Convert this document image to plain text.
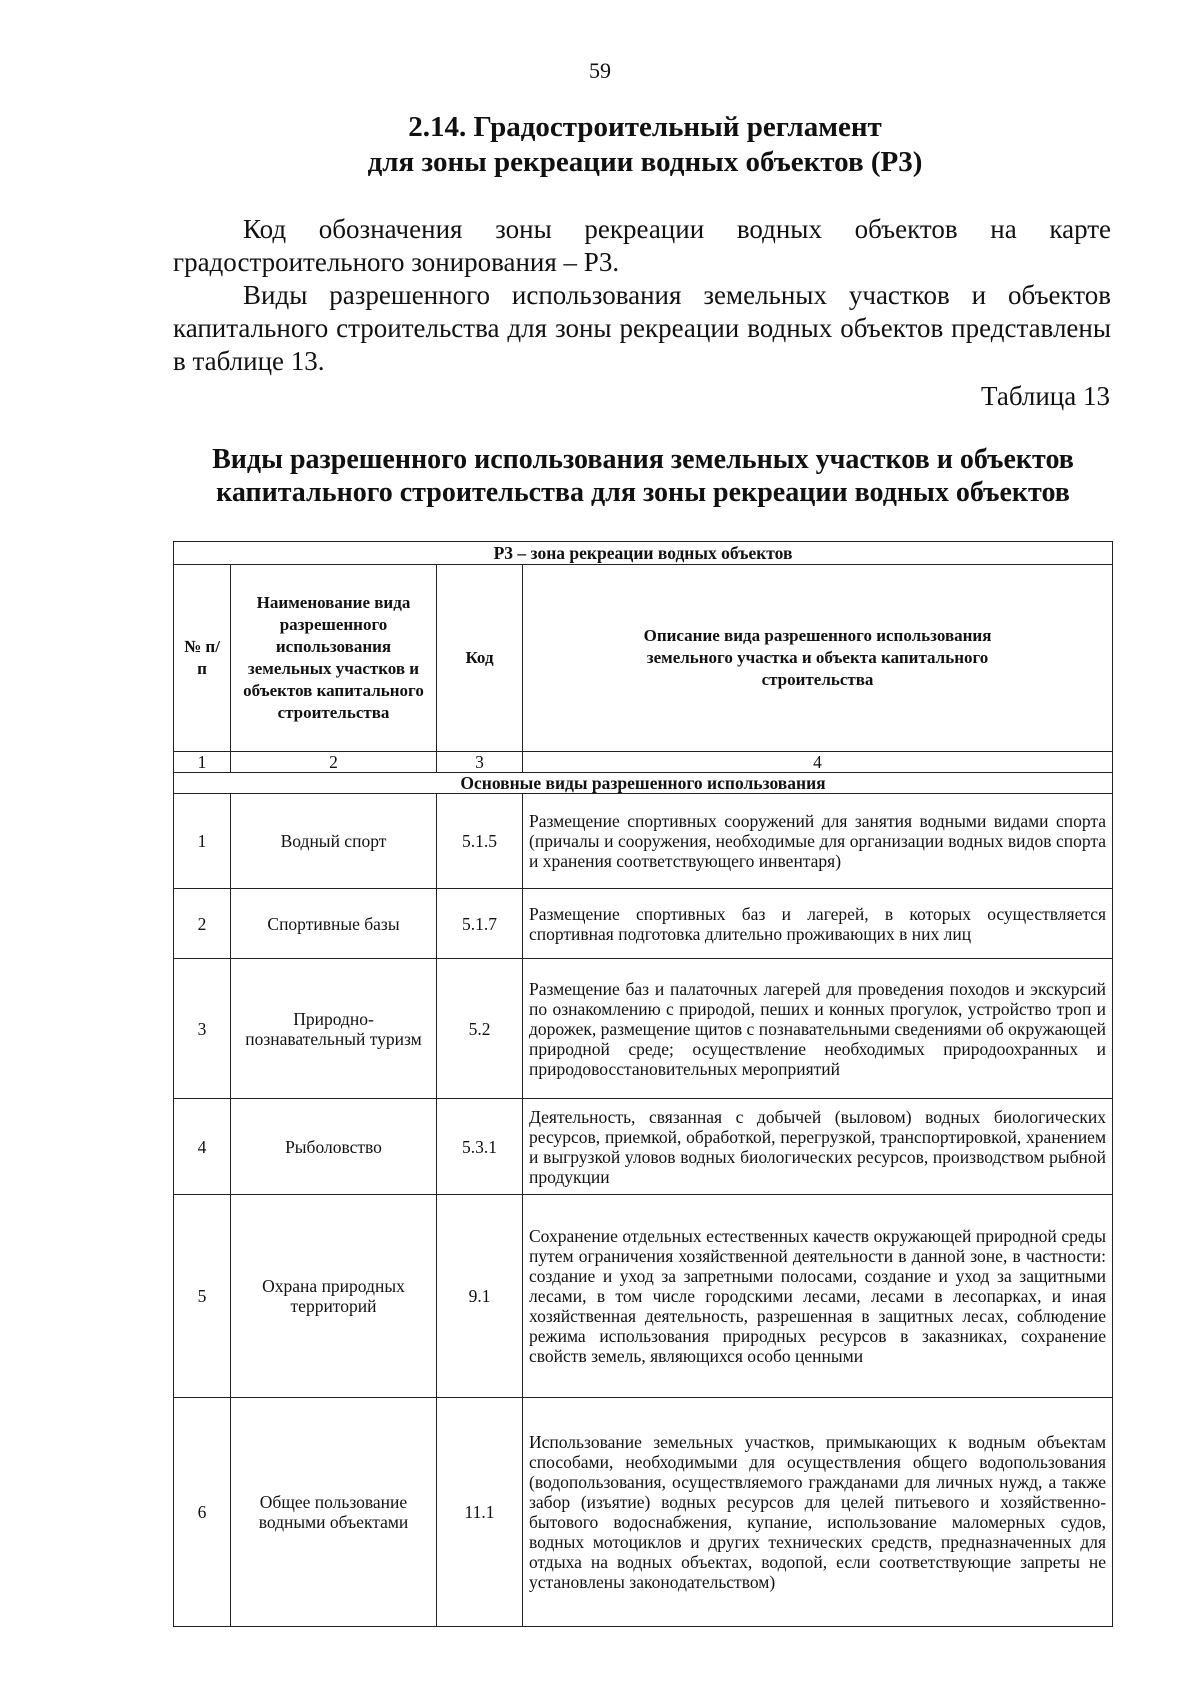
59
2.14. Градостроительный регламент
для зоны рекреации водных объектов (Р3)
Код обозначения зоны рекреации водных объектов на карте градостроительного зонирования – Р3.
Виды разрешенного использования земельных участков и объектов капитального строительства для зоны рекреации водных объектов представлены в таблице 13.
Таблица 13
Виды разрешенного использования земельных участков и объектов
капитального строительства для зоны рекреации водных объектов
Р3 – зона рекреации водных объектов			
№ п/п	Наименование вида разрешенного использования земельных участков и объектов капитального строительства	Код	Описание вида разрешенного использования земельного участка и объекта капитального строительства
1	2	3	4
Основные виды разрешенного использования			
1	Водный спорт	5.1.5	Размещение спортивных сооружений для занятия водными видами спорта (причалы и сооружения, необходимые для организации водных видов спорта и хранения соответствующего инвентаря)
2	Спортивные базы	5.1.7	Размещение спортивных баз и лагерей, в которых осуществляется спортивная подготовка длительно проживающих в них лиц
3	Природно-познавательный туризм	5.2	Размещение баз и палаточных лагерей для проведения походов и экскурсий по ознакомлению с природой, пеших и конных прогулок, устройство троп и дорожек, размещение щитов с познавательными сведениями об окружающей природной среде; осуществление необходимых природоохранных и природовосстановительных мероприятий
4	Рыболовство	5.3.1	Деятельность, связанная с добычей (выловом) водных биологических ресурсов, приемкой, обработкой, перегрузкой, транспортировкой, хранением и выгрузкой уловов водных биологических ресурсов, производством рыбной продукции
5	Охрана природных территорий	9.1	Сохранение отдельных естественных качеств окружающей природной среды путем ограничения хозяйственной деятельности в данной зоне, в частности: создание и уход за запретными полосами, создание и уход за защитными лесами, в том числе городскими лесами, лесами в лесопарках, и иная хозяйственная деятельность, разрешенная в защитных лесах, соблюдение режима использования природных ресурсов в заказниках, сохранение свойств земель, являющихся особо ценными
6	Общее пользование водными объектами	11.1	Использование земельных участков, примыкающих к водным объектам способами, необходимыми для осуществления общего водопользования (водопользования, осуществляемого гражданами для личных нужд, а также забор (изъятие) водных ресурсов для целей питьевого и хозяйственно-бытового водоснабжения, купание, использование маломерных судов, водных мотоциклов и других технических средств, предназначенных для отдыха на водных объектах, водопой, если соответствующие запреты не установлены законодательством)
